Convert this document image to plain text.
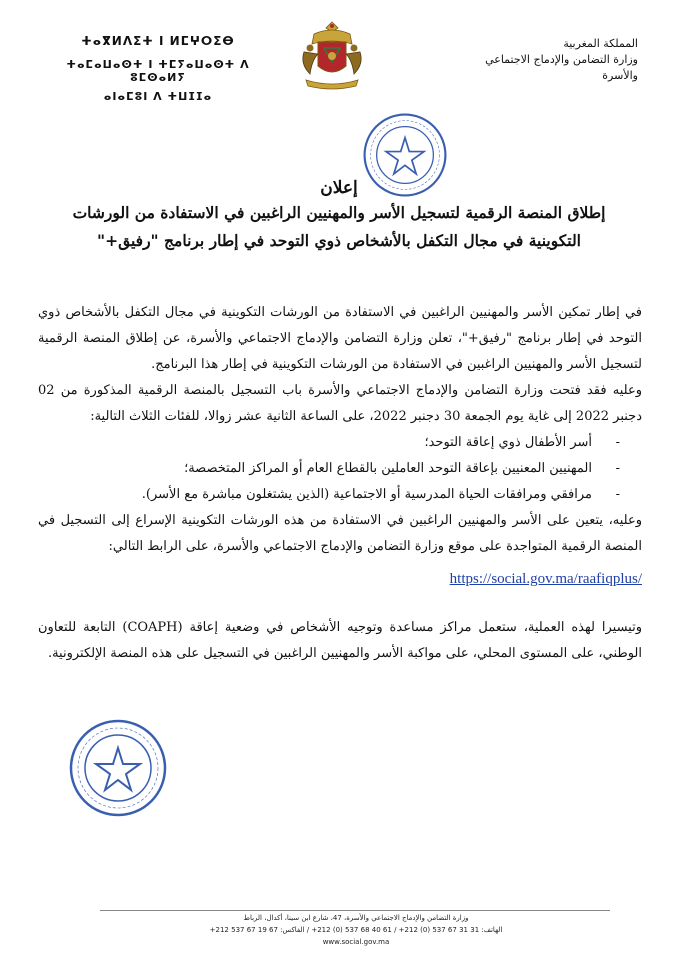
ⵜⴰⴳⵍⴷⵉⵜ ⵏ ⵍⵎⵖⵔⵉⴱ
ⵜⴰⵎⴰⵡⴰⵙⵜ ⵏ ⵜⵎⵢⴰⵡⴰⵙⵜ ⴷ ⵓⵎⵙⴰⵍⵢ
ⴰⵏⴰⵎⵓⵏ ⴷ ⵜⵡⵊⵊⴰ
المملكة المغربية
وزارة التضامن والإدماج الاجتماعي
والأسرة
إعلان
إطلاق المنصة الرقمية لتسجيل الأسر والمهنيين الراغبين في الاستفادة من الورشات
التكوينية في مجال التكفل بالأشخاص ذوي التوحد في إطار برنامج "رفيق+"

في إطار تمكين الأسر والمهنيين الراغبين في الاستفادة من الورشات التكوينية في مجال التكفل بالأشخاص ذوي التوحد في إطار برنامج "رفيق+"، تعلن وزارة التضامن والإدماج الاجتماعي والأسرة، عن إطلاق المنصة الرقمية لتسجيل الأسر والمهنيين الراغبين في الاستفادة من الورشات التكوينية في إطار هذا البرنامج.

وعليه فقد فتحت وزارة التضامن والإدماج الاجتماعي والأسرة باب التسجيل بالمنصة الرقمية المذكورة من 02 دجنبر 2022 إلى غاية يوم الجمعة 30 دجنبر 2022، على الساعة الثانية عشر زوالا، للفئات الثلاث التالية:

- أسر الأطفال ذوي إعاقة التوحد؛
- المهنيين المعنيين بإعاقة التوحد العاملين بالقطاع العام أو المراكز المتخصصة؛
- مرافقي ومرافقات الحياة المدرسية أو الاجتماعية (الذين يشتغلون مباشرة مع الأسر).

وعليه، يتعين على الأسر والمهنيين الراغبين في الاستفادة من هذه الورشات التكوينية الإسراع إلى التسجيل في المنصة الرقمية المتواجدة على موقع وزارة التضامن والإدماج الاجتماعي والأسرة، على الرابط التالي:

https://social.gov.ma/raafiqplus/

وتيسيرا لهذه العملية، ستعمل مراكز مساعدة وتوجيه الأشخاص في وضعية إعاقة (COAPH) التابعة للتعاون الوطني، على المستوى المحلي، على مواكبة الأسر والمهنيين الراغبين في التسجيل على هذه المنصة الإلكترونية.

وزارة التضامن والإدماج الاجتماعي والأسرة، 47، شارع ابن سينا، أكدال، الرباط
الهاتف: 31 31 67 537 (0) 212+ / 61 40 68 537 (0) 212+ / الفاكس: 67 19 67 537 212+
www.social.gov.ma
